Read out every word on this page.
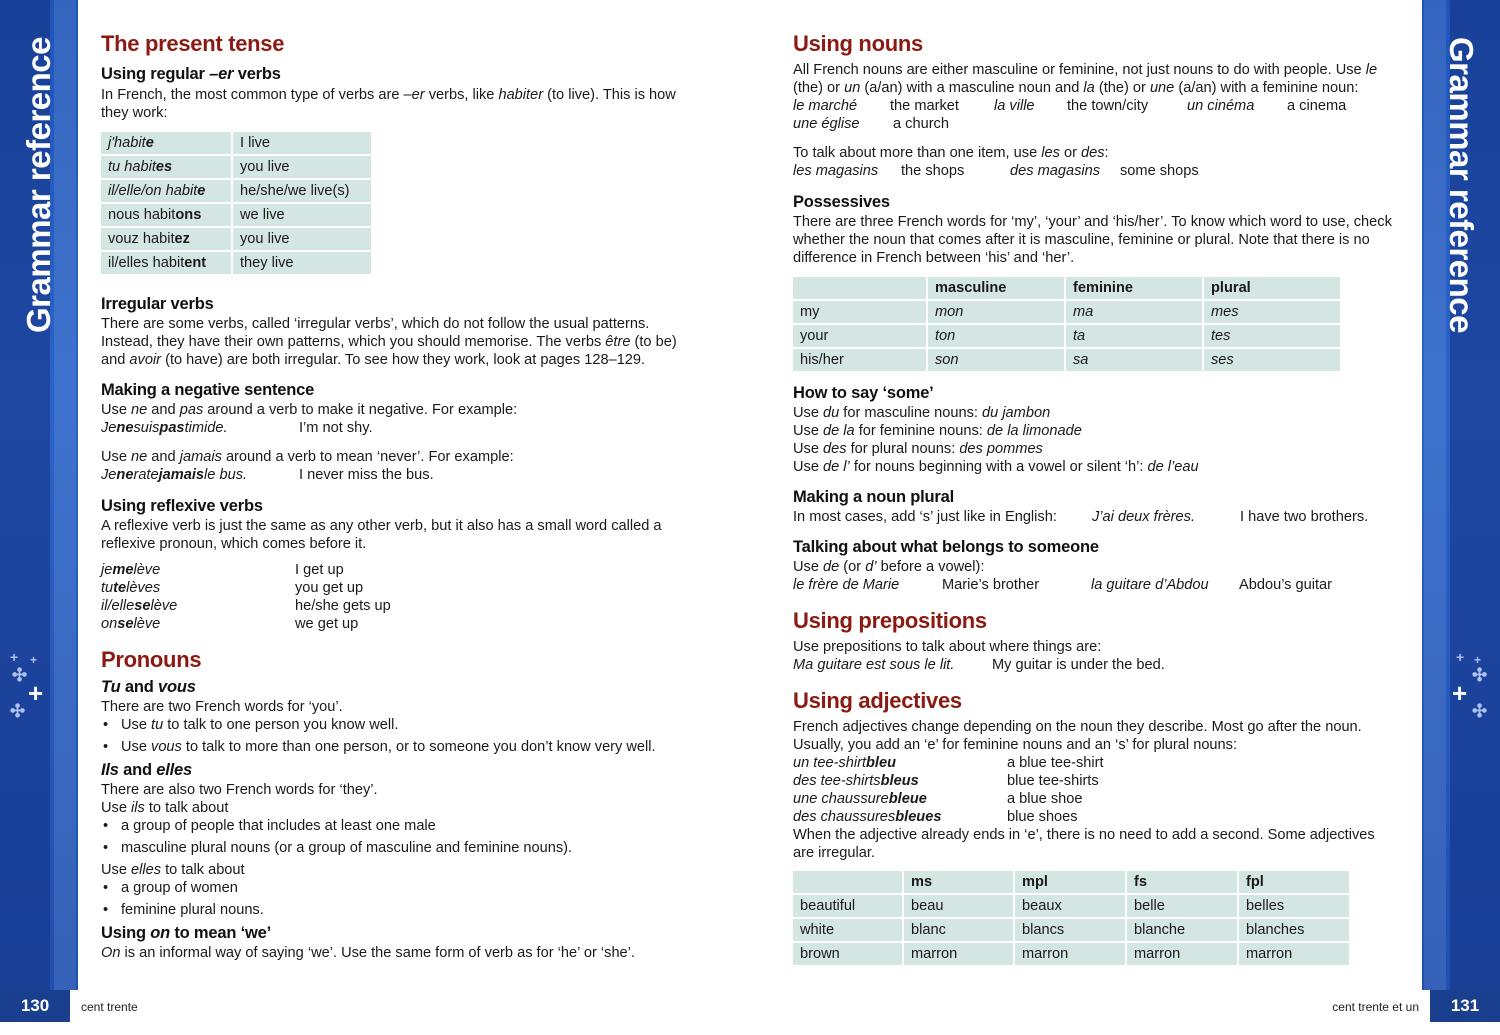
Grammar reference
+ +
✣
+
✣
Grammar reference
+ +
✣
+
✣
130	cent trente	cent trente et un	131
The present tense
Using regular –er verbs

In French, the most common type of verbs are –er verbs, like habiter (to live). This is how they work:

j'habite	I live
tu habites	you live
il/elle/on habite	he/she/we live(s)
nous habitons	we live
vouz habitez	you live
il/elles habitent	they live
Irregular verbs

There are some verbs, called ‘irregular verbs’, which do not follow the usual patterns. Instead, they have their own patterns, which you should memorise. The verbs être (to be) and avoir (to have) are both irregular. To see how they work, look at pages 128–129.

Making a negative sentence

Use ne and pas around a verb to make it negative. For example:

Jenesuispastimide.	I’m not shy.

Use ne and jamais around a verb to mean ‘never’. For example:

Jeneratejamaisle bus.	I never miss the bus.
Using reflexive verbs

A reflexive verb is just the same as any other verb, but it also has a small word called a reflexive pronoun, which comes before it.

jemelève	I get up
tutelèves	you get up
il/elleselève	he/she gets up
onselève	we get up
Pronouns
Tu and vous

There are two French words for ‘you’.

• Use tu to talk to one person you know well.
• Use vous to talk to more than one person, or to someone you don’t know very well.
Ils and elles

There are also two French words for ‘they’.

Use ils to talk about

• a group of people that includes at least one male
• masculine plural nouns (or a group of masculine and feminine nouns).

Use elles to talk about

• a group of women
• feminine plural nouns.
Using on to mean ‘we’

On is an informal way of saying ‘we’. Use the same form of verb as for ‘he’ or ‘she’.

Using nouns

All French nouns are either masculine or feminine, not just nouns to do with people. Use le (the) or un (a/an) with a masculine noun and la (the) or une (a/an) with a feminine noun:

le marché	the market	la ville	the town/city	un cinéma	a cinema
une église	a church

To talk about more than one item, use les or des:

les magasins	the shops	des magasins	some shops
Possessives

There are three French words for ‘my’, ‘your’ and ‘his/her’. To know which word to use, check whether the noun that comes after it is masculine, feminine or plural. Note that there is no difference in French between ‘his’ and ‘her’.

	masculine	feminine	plural
my	mon	ma	mes
your	ton	ta	tes
his/her	son	sa	ses
How to say ‘some’

Use du for masculine nouns: du jambon

Use de la for feminine nouns: de la limonade

Use des for plural nouns: des pommes

Use de l’ for nouns beginning with a vowel or silent ‘h’: de l’eau

Making a noun plural
In most cases, add ‘s’ just like in English:	J’ai deux frères.	I have two brothers.
Talking about what belongs to someone

Use de (or d’ before a vowel):

le frère de Marie	Marie’s brother	la guitare d’Abdou	Abdou’s guitar
Using prepositions

Use prepositions to talk about where things are:

Ma guitare est sous le lit.	My guitar is under the bed.
Using adjectives

French adjectives change depending on the noun they describe. Most go after the noun. Usually, you add an ‘e’ for feminine nouns and an ‘s’ for plural nouns:

un tee-shirtbleu	a blue tee-shirt
des tee-shirtsbleus	blue tee-shirts
une chaussurebleue	a blue shoe
des chaussuresbleues	blue shoes

When the adjective already ends in ‘e’, there is no need to add a second. Some adjectives are irregular.

	ms	mpl	fs	fpl
beautiful	beau	beaux	belle	belles
white	blanc	blancs	blanche	blanches
brown	marron	marron	marron	marron
